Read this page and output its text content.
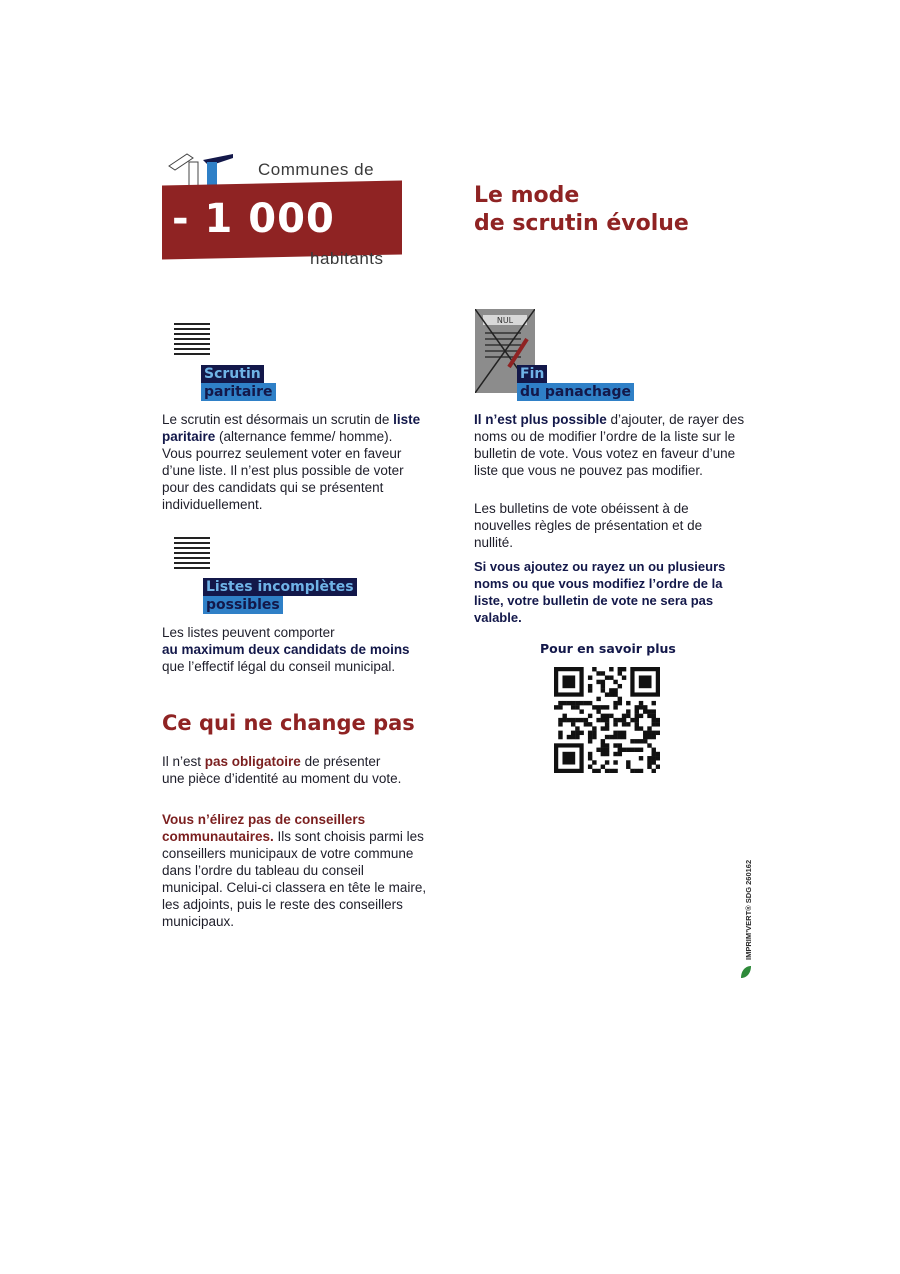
Communes de
- 1 000
habitants
Le mode
de scrutin évolue
Scrutin
paritaire
Le scrutin est désormais un scrutin de liste paritaire (alternance femme/ homme). Vous pourrez seulement voter en faveur d’une liste. Il n’est plus possible de voter pour des candidats qui se présentent individuellement.
Listes incomplètes
possibles
Les listes peuvent comporter
au maximum deux candidats de moins
que l’effectif légal du conseil municipal.
Ce qui ne change pas
Il n’est pas obligatoire de présenter une pièce d’identité au moment du vote.
Vous n’élirez pas de conseillers communautaires. Ils sont choisis parmi les conseillers municipaux de votre commune dans l’ordre du tableau du conseil municipal. Celui-ci classera en tête le maire, les adjoints, puis le reste des conseillers municipaux.
NUL
Fin
du panachage
Il n’est plus possible d’ajouter, de rayer des noms ou de modifier l’ordre de la liste sur le bulletin de vote. Vous votez en faveur d’une liste que vous ne pouvez pas modifier.
Les bulletins de vote obéissent à de nouvelles règles de présentation et de nullité.
Si vous ajoutez ou rayez un ou plusieurs noms ou que vous modifiez l’ordre de la liste, votre bulletin de vote ne sera pas valable.
Pour en savoir plus
IMPRIM’VERT® SDG 260162
